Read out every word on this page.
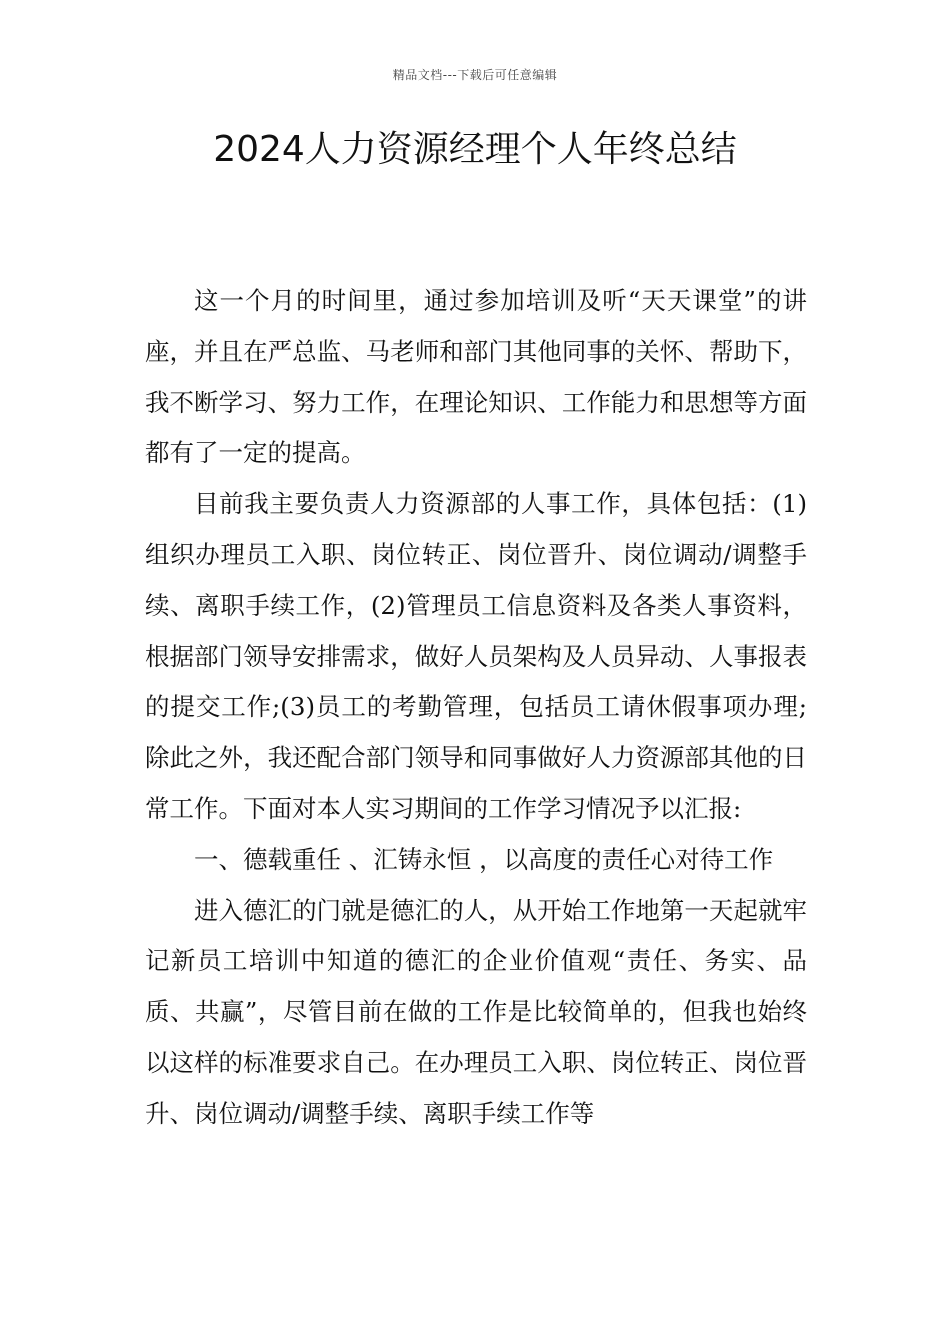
精品文档---下载后可任意编辑
2024人力资源经理个人年终总结

这一个月的时间里，通过参加培训及听“天天课堂”的讲座，并且在严总监、马老师和部门其他同事的关怀、帮助下，我不断学习、努力工作，在理论知识、工作能力和思想等方面都有了一定的提高。

目前我主要负责人力资源部的人事工作，具体包括：(1)组织办理员工入职、岗位转正、岗位晋升、岗位调动/调整手续、离职手续工作，(2)管理员工信息资料及各类人事资料，根据部门领导安排需求，做好人员架构及人员异动、人事报表的提交工作;(3)员工的考勤管理，包括员工请休假事项办理;除此之外，我还配合部门领导和同事做好人力资源部其他的日常工作。下面对本人实习期间的工作学习情况予以汇报:

一、德载重任 、汇铸永恒 ，以高度的责任心对待工作

进入德汇的门就是德汇的人，从开始工作地第一天起就牢记新员工培训中知道的德汇的企业价值观“责任、务实、品质、共赢”，尽管目前在做的工作是比较简单的，但我也始终以这样的标准要求自己。在办理员工入职、岗位转正、岗位晋升、岗位调动/调整手续、离职手续工作等
